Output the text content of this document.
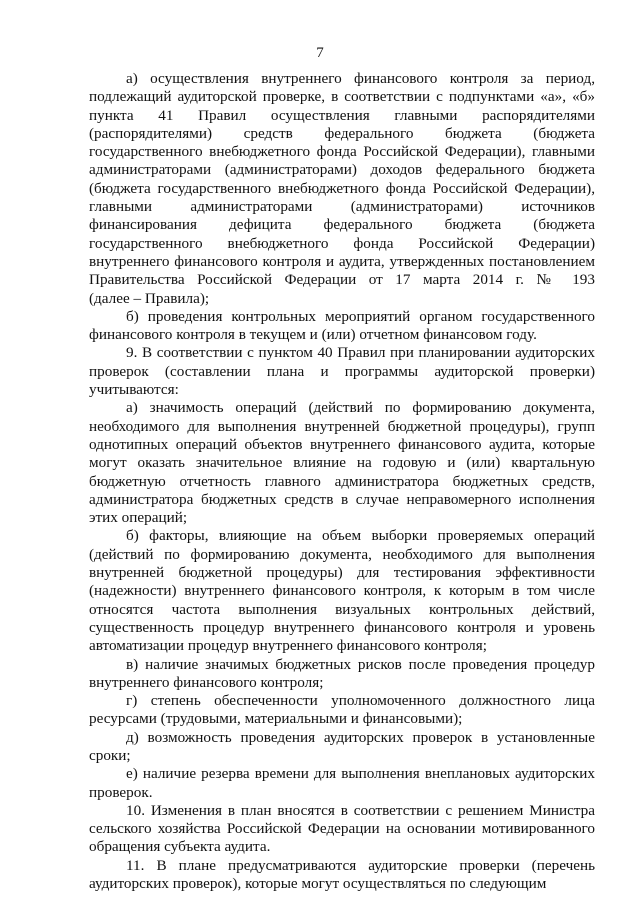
7
а) осуществления внутреннего финансового контроля за период,
подлежащий аудиторской проверке, в соответствии с подпунктами «а», «б»
пункта 41 Правил осуществления главными распорядителями
(распорядителями) средств федерального бюджета (бюджета
государственного внебюджетного фонда Российской Федерации), главными
администраторами (администраторами) доходов федерального бюджета
(бюджета государственного внебюджетного фонда Российской Федерации),
главными администраторами (администраторами) источников
финансирования дефицита федерального бюджета (бюджета
государственного внебюджетного фонда Российской Федерации)
внутреннего финансового контроля и аудита, утвержденных постановлением
Правительства Российской Федерации от 17 марта 2014 г. № 193
(далее – Правила);
б) проведения контрольных мероприятий органом государственного
финансового контроля в текущем и (или) отчетном финансовом году.
9. В соответствии с пунктом 40 Правил при планировании аудиторских
проверок (составлении плана и программы аудиторской проверки)
учитываются:
а) значимость операций (действий по формированию документа,
необходимого для выполнения внутренней бюджетной процедуры), групп
однотипных операций объектов внутреннего финансового аудита, которые
могут оказать значительное влияние на годовую и (или) квартальную
бюджетную отчетность главного администратора бюджетных средств,
администратора бюджетных средств в случае неправомерного исполнения
этих операций;
б) факторы, влияющие на объем выборки проверяемых операций
(действий по формированию документа, необходимого для выполнения
внутренней бюджетной процедуры) для тестирования эффективности
(надежности) внутреннего финансового контроля, к которым в том числе
относятся частота выполнения визуальных контрольных действий,
существенность процедур внутреннего финансового контроля и уровень
автоматизации процедур внутреннего финансового контроля;
в) наличие значимых бюджетных рисков после проведения процедур
внутреннего финансового контроля;
г) степень обеспеченности уполномоченного должностного лица
ресурсами (трудовыми, материальными и финансовыми);
д) возможность проведения аудиторских проверок в установленные
сроки;
е) наличие резерва времени для выполнения внеплановых аудиторских
проверок.
10. Изменения в план вносятся в соответствии с решением Министра
сельского хозяйства Российской Федерации на основании мотивированного
обращения субъекта аудита.
11. В плане предусматриваются аудиторские проверки (перечень
аудиторских проверок), которые могут осуществляться по следующим
